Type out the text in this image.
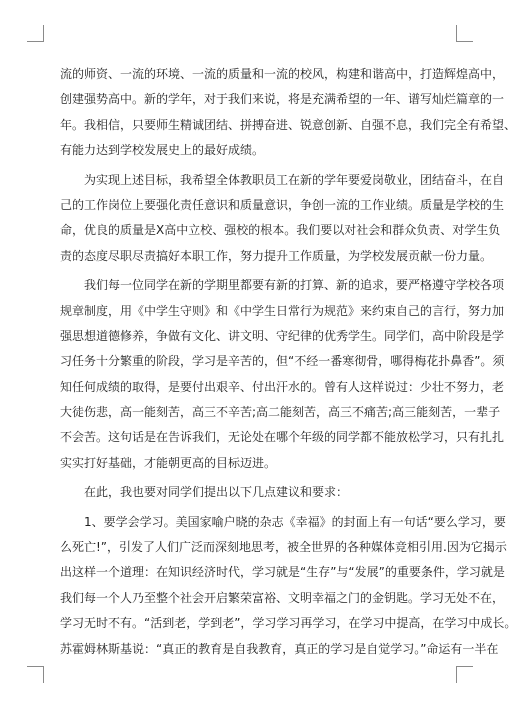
流的师资、一流的环境、一流的质量和一流的校风，构建和谐高中，打造辉煌高中，
创建强势高中。新的学年，对于我们来说，将是充满希望的一年、谱写灿烂篇章的一
年。我相信，只要师生精诚团结、拼搏奋进、锐意创新、自强不息，我们完全有希望、
有能力达到学校发展史上的最好成绩。
为实现上述目标，我希望全体教职员工在新的学年要爱岗敬业，团结奋斗，在自
己的工作岗位上要强化责任意识和质量意识，争创一流的工作业绩。质量是学校的生
命，优良的质量是X高中立校、强校的根本。我们要以对社会和群众负责、对学生负
责的态度尽职尽责搞好本职工作，努力提升工作质量，为学校发展贡献一份力量。
我们每一位同学在新的学期里都要有新的打算、新的追求，要严格遵守学校各项
规章制度，用《中学生守则》和《中学生日常行为规范》来约束自己的言行，努力加
强思想道德修养，争做有文化、讲文明、守纪律的优秀学生。同学们，高中阶段是学
习任务十分繁重的阶段，学习是辛苦的，但“不经一番寒彻骨，哪得梅花扑鼻香”。须
知任何成绩的取得，是要付出艰辛、付出汗水的。曾有人这样说过：少壮不努力，老
大徒伤悲，高一能刻苦，高三不辛苦;高二能刻苦，高三不痛苦;高三能刻苦，一辈子
不会苦。这句话是在告诉我们，无论处在哪个年级的同学都不能放松学习，只有扎扎
实实打好基础，才能朝更高的目标迈进。
在此，我也要对同学们提出以下几点建议和要求：
1、要学会学习。美国家喻户晓的杂志《幸福》的封面上有一句话“要么学习，要
么死亡!”，引发了人们广泛而深刻地思考，被全世界的各种媒体竞相引用.因为它揭示
出这样一个道理：在知识经济时代，学习就是“生存”与“发展”的重要条件，学习就是
我们每一个人乃至整个社会开启繁荣富裕、文明幸福之门的金钥匙。学习无处不在，
学习无时不有。“活到老，学到老”，学习学习再学习，在学习中提高，在学习中成长。
苏霍姆林斯基说：“真正的教育是自我教育，真正的学习是自觉学习。”命运有一半在
